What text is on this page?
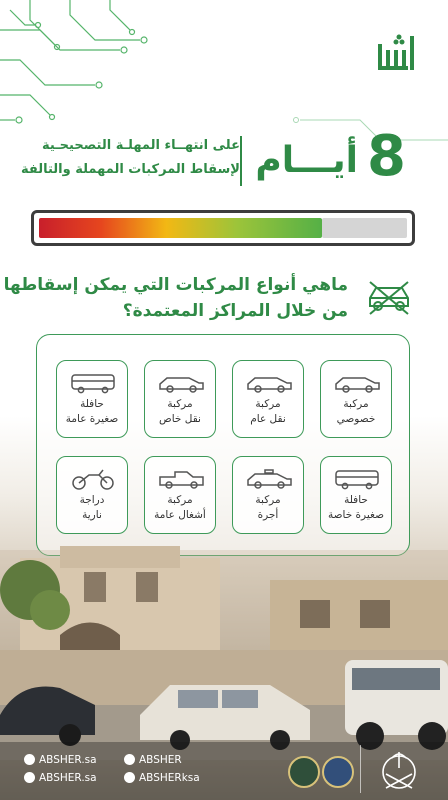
8
أيـــام
على انتهــاء المهلـة التصحيحـية
لإسقاط المركبات المهملة والتالفة
ماهي أنواع المركبات التي يمكن إسقاطها
من خلال المراكز المعتمدة؟
حافلة
صغيرة عامة
مركبة
نقل خاص
مركبة
نقل عام
مركبة
خصوصي
دراجة
نارية
مركبة
أشغال عامة
مركبة
أجرة
حافلة
صغيرة خاصة
ABSHER.sa	ABSHER
ABSHER.sa	ABSHERksa
